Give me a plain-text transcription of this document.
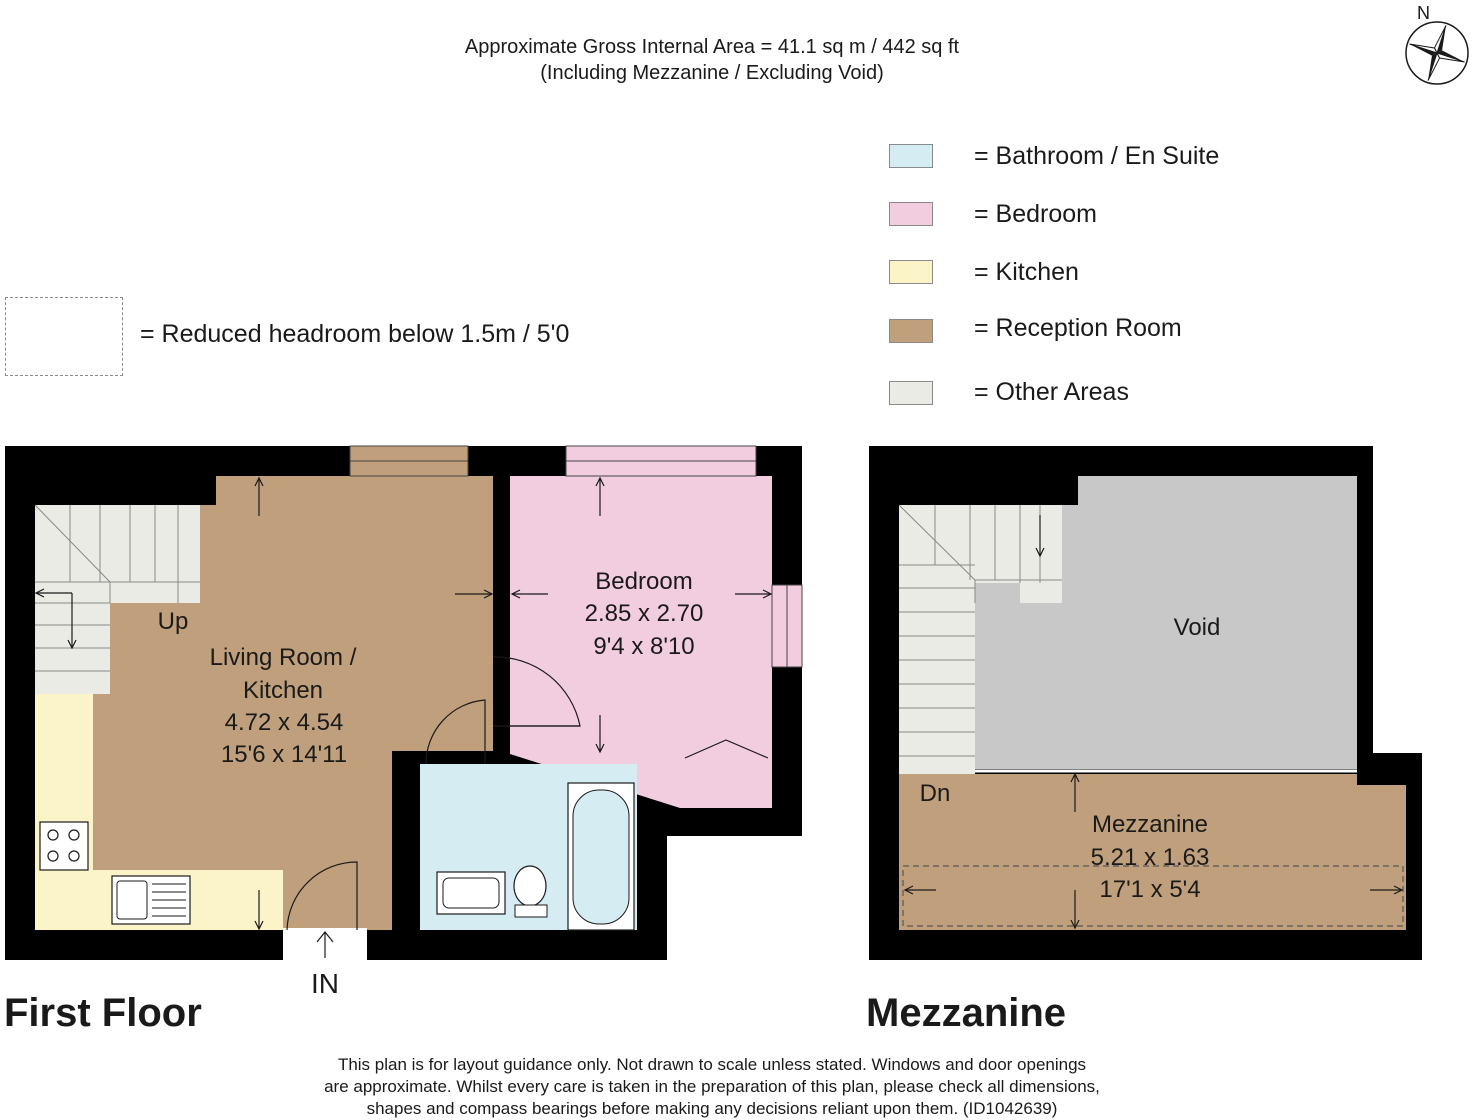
Approximate Gross Internal Area = 41.1 sq m / 442 sq ft
(Including Mezzanine / Excluding Void)
N
= Bathroom / En Suite
= Bedroom
= Kitchen
= Reception Room
= Other Areas
= Reduced headroom below 1.5m / 5'0
Up
Living Room /
Kitchen
4.72 x 4.54
15'6 x 14'11
Bedroom
2.85 x 2.70
9'4 x 8'10
IN
Void
Dn
Mezzanine
5.21 x 1.63
17'1 x 5'4
First Floor	Mezzanine
This plan is for layout guidance only. Not drawn to scale unless stated. Windows and door openings
are approximate. Whilst every care is taken in the preparation of this plan, please check all dimensions,
shapes and compass bearings before making any decisions reliant upon them. (ID1042639)
